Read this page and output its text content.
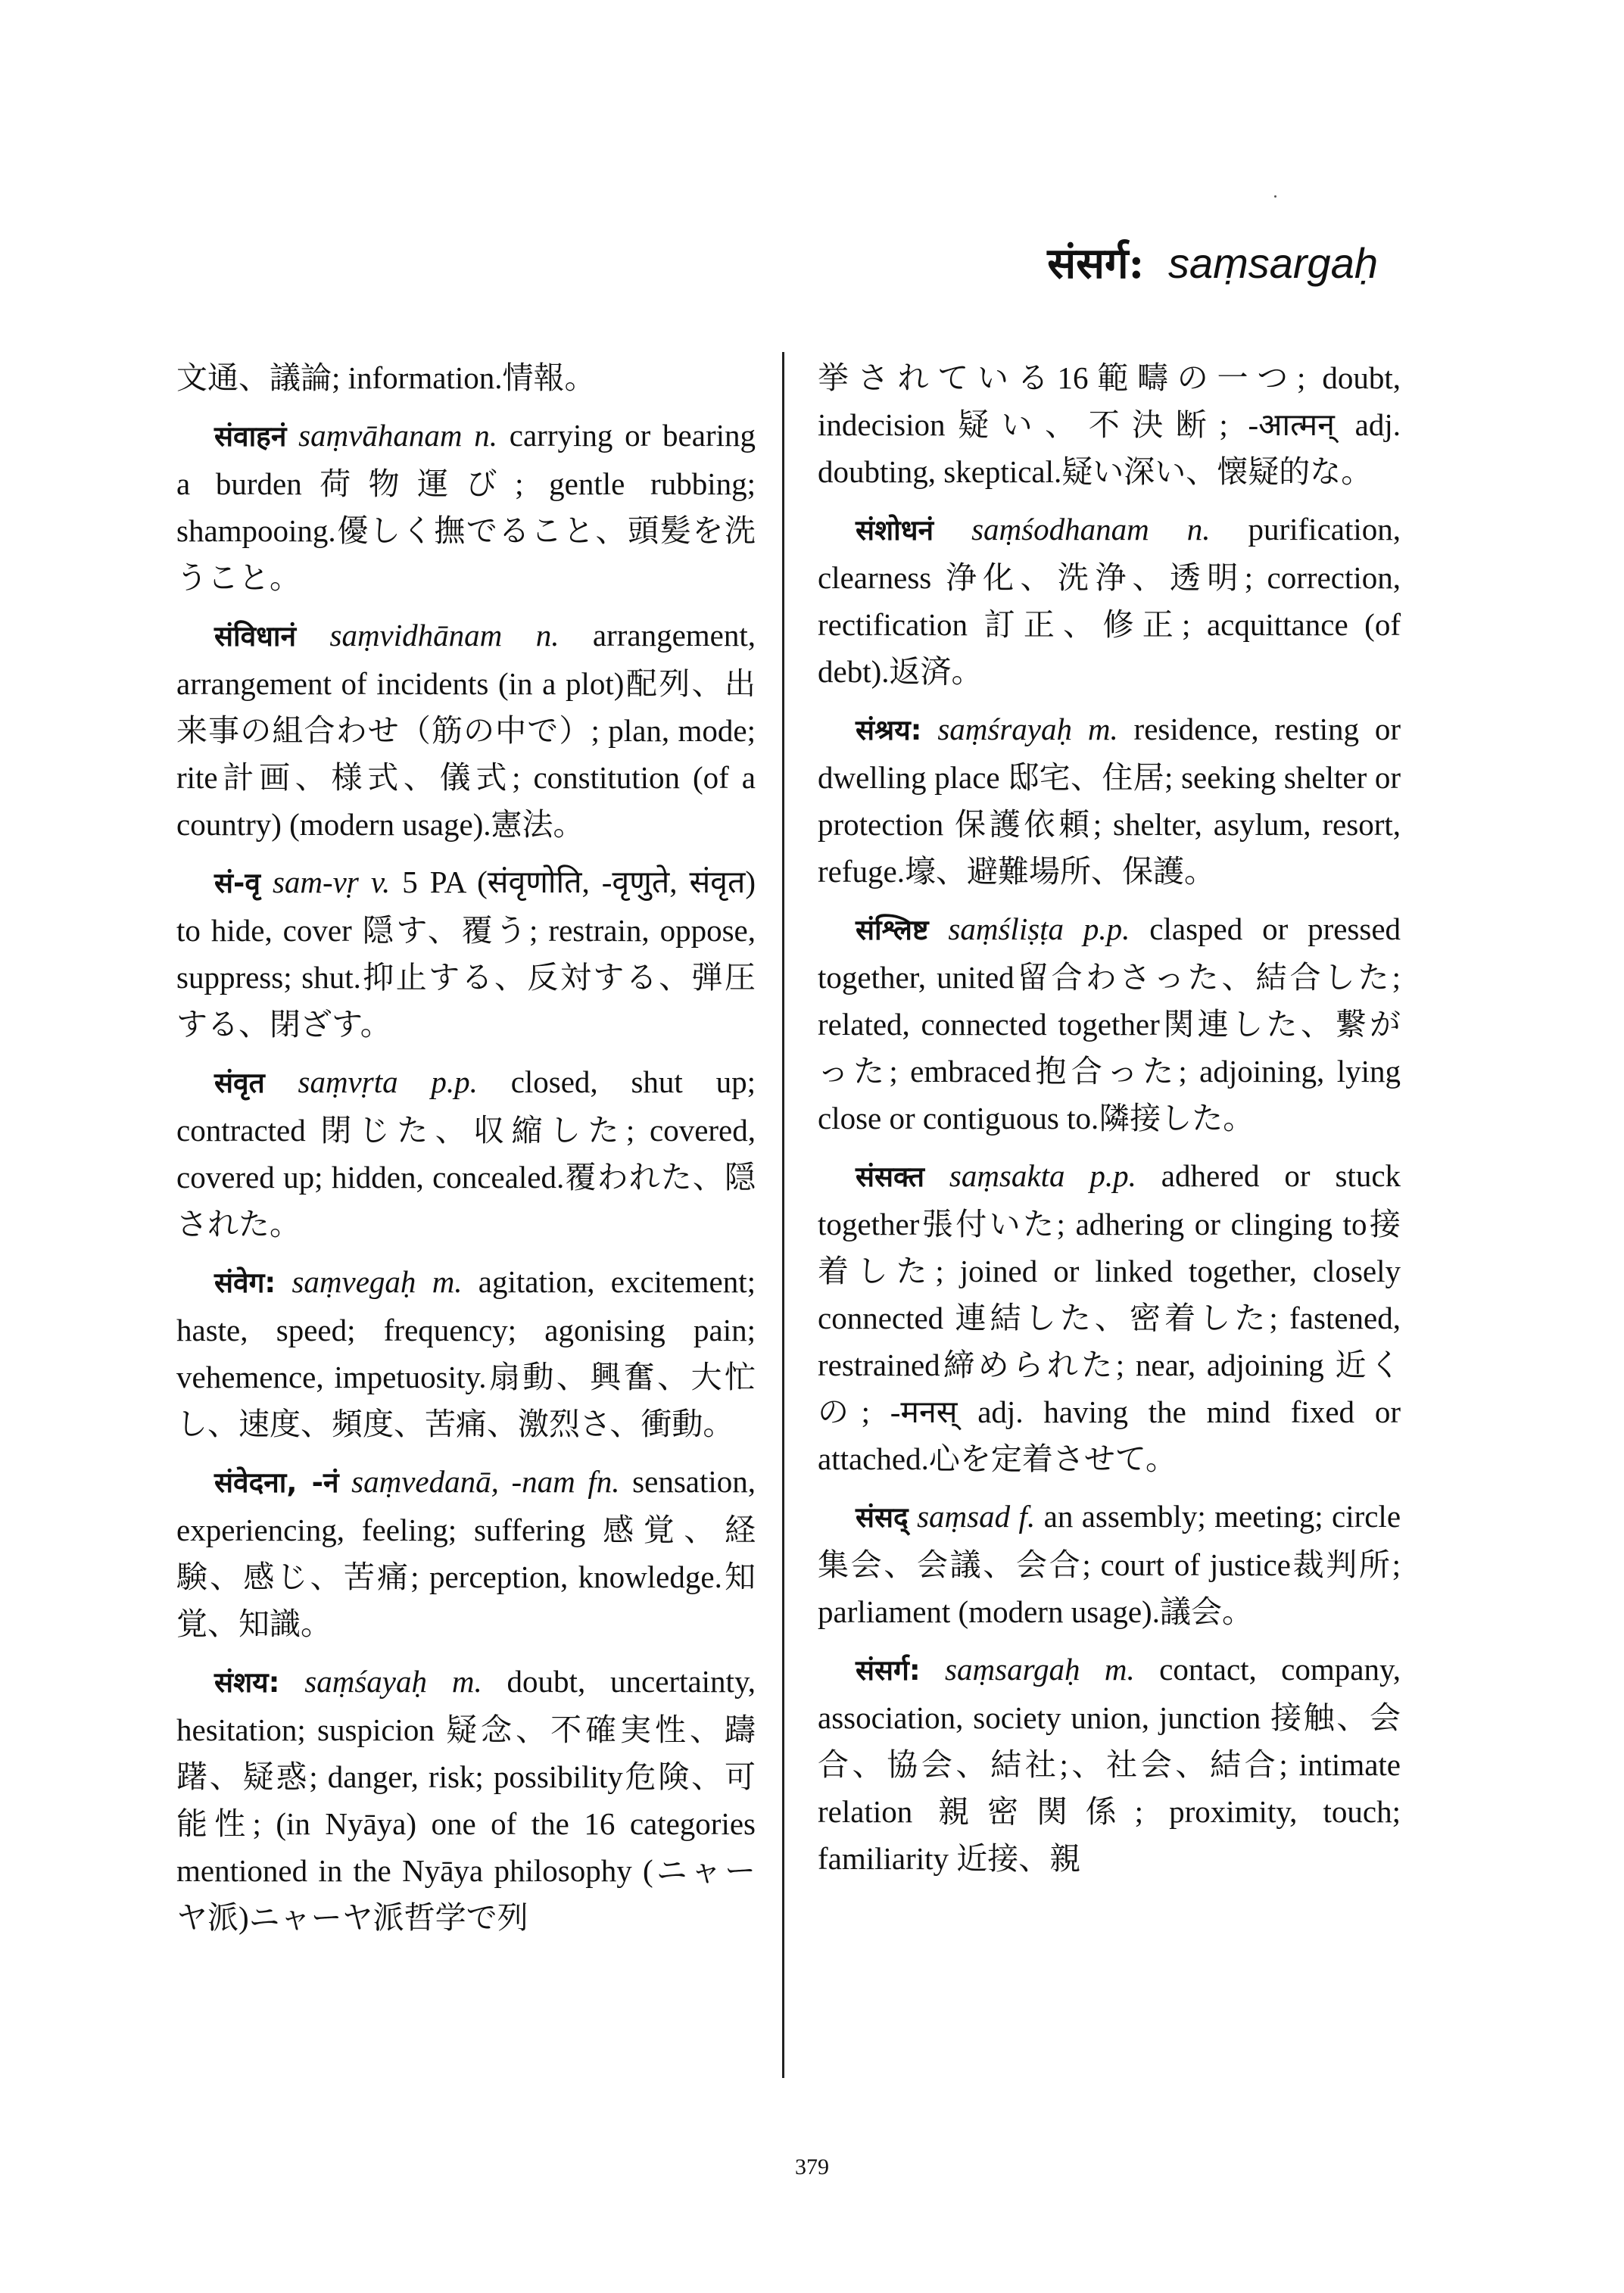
संसर्ग: saṃsargaḥ

文通、議論; information.情報。

संवाहनं saṃvāhanam n. carrying or bearing a burden荷物運び; gentle rubbing; shampooing.優しく撫でること、頭髪を洗うこと。

संविधानं saṃvidhānam n. arrangement, arrangement of incidents (in a plot)配列、出来事の組合わせ（筋の中で）; plan, mode; rite計画、様式、儀式; constitution (of a country) (modern usage).憲法。

सं-वृ sam-vṛ v. 5 PA (संवृणोति, -वृणुते, संवृत) to hide, cover 隠す、覆う; restrain, oppose, suppress; shut.抑止する、反対する、弾圧する、閉ざす。

संवृत saṃvṛta p.p. closed, shut up; contracted 閉じた、収縮した; covered, covered up; hidden, concealed.覆われた、隠された。

संवेग: saṃvegaḥ m. agitation, excitement; haste, speed; frequency; agonising pain; vehemence, impetuosity.扇動、興奮、大忙し、速度、頻度、苦痛、激烈さ、衝動。

संवेदना, -नं saṃvedanā, -nam fn. sensation, experiencing, feeling; suffering 感覚、経験、感じ、苦痛; perception, knowledge.知覚、知識。

संशय: saṃśayaḥ m. doubt, uncertainty, hesitation; suspicion 疑念、不確実性、躊躇、疑惑; danger, risk; possibility危険、可能性; (in Nyāya) one of the 16 categories mentioned in the Nyāya philosophy (ニャーヤ派)ニャーヤ派哲学で列

挙されている16範疇の一つ; doubt, indecision疑い、不決断; -आत्मन् adj. doubting, skeptical.疑い深い、懐疑的な。

संशोधनं saṃśodhanam n. purification, clearness 浄化、洗浄、透明; correction, rectification 訂正、修正; acquittance (of debt).返済。

संश्रय: saṃśrayaḥ m. residence, resting or dwelling place 邸宅、住居; seeking shelter or protection 保護依頼; shelter, asylum, resort, refuge.壕、避難場所、保護。

संश्लिष्ट saṃśliṣṭa p.p. clasped or pressed together, united留合わさった、結合した; related, connected together関連した、繋がった; embraced抱合った; adjoining, lying close or contiguous to.隣接した。

संसक्त saṃsakta p.p. adhered or stuck together張付いた; adhering or clinging to接着した; joined or linked together, closely connected 連結した、密着した; fastened, restrained締められた; near, adjoining 近くの; -मनस् adj. having the mind fixed or attached.心を定着させて。

संसद् saṃsad f. an assembly; meeting; circle集会、会議、会合; court of justice裁判所; parliament (modern usage).議会。

संसर्ग: saṃsargaḥ m. contact, company, association, society union, junction 接触、会合、協会、結社;、社会、結合; intimate relation 親密関係; proximity, touch; familiarity 近接、親

379
